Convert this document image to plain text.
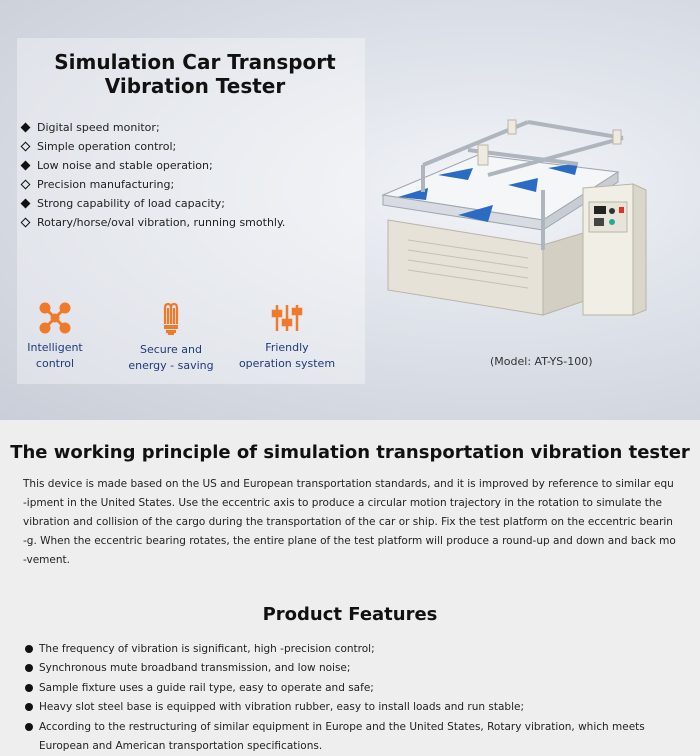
Simulation Car Transport
Vibration Tester
Digital speed monitor;
Simple operation control;
Low noise and stable operation;
Precision manufacturing;
Strong capability of load capacity;
Rotary/horse/oval vibration, running smothly.
Intelligent
control
Secure and
energy - saving
Friendly
operation system	(Model: AT-YS-100)
The working principle of simulation transportation vibration tester
This device is made based on the US and European transportation standards, and it is improved by reference to similar equ
-ipment in the United States. Use the eccentric axis to produce a circular motion trajectory in the rotation to simulate the
vibration and collision of the cargo during the transportation of the car or ship. Fix the test platform on the eccentric bearin
-g. When the eccentric bearing rotates, the entire plane of the test platform will produce a round-up and down and back mo
-vement.
Product Features
The frequency of vibration is significant, high -precision control;
Synchronous mute broadband transmission, and low noise;
Sample fixture uses a guide rail type, easy to operate and safe;
Heavy slot steel base is equipped with vibration rubber, easy to install loads and run stable;
According to the restructuring of similar equipment in Europe and the United States, Rotary vibration, which meets
European and American transportation specifications.
